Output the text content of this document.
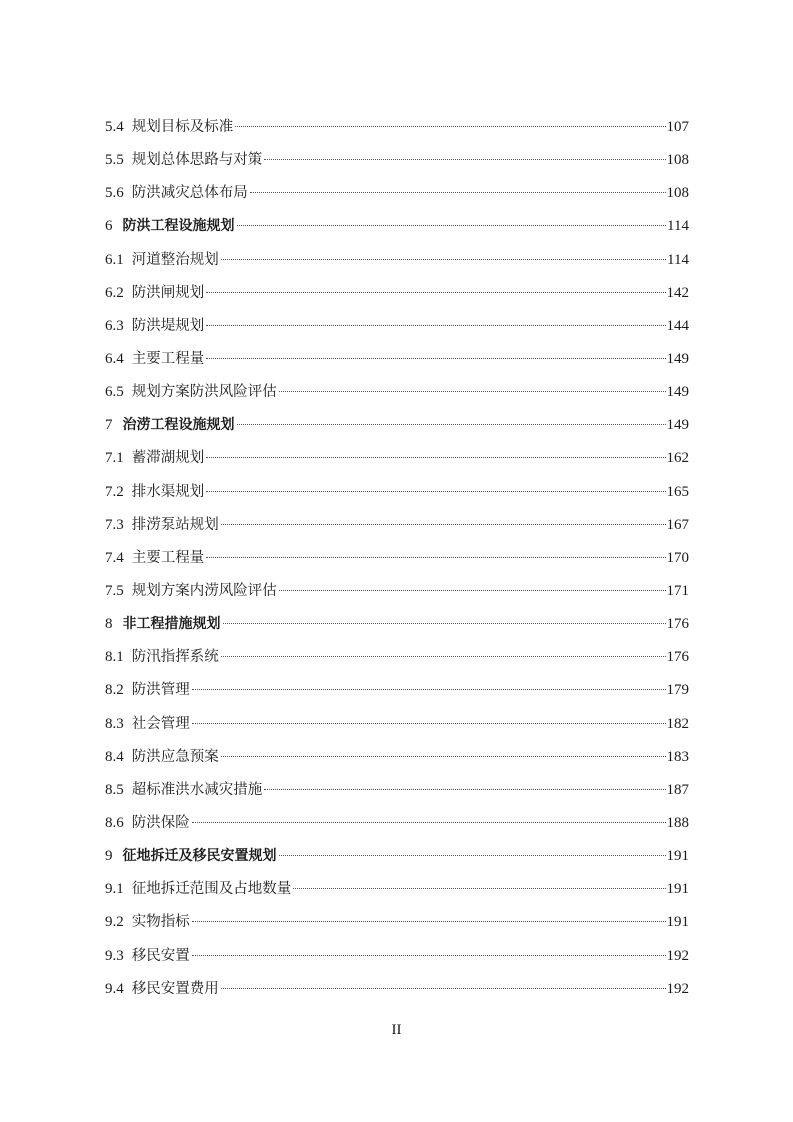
5.4 规划目标及标准	107
5.5 规划总体思路与对策	108
5.6 防洪减灾总体布局	108
6 防洪工程设施规划	114
6.1 河道整治规划	114
6.2 防洪闸规划	142
6.3 防洪堤规划	144
6.4 主要工程量	149
6.5 规划方案防洪风险评估	149
7 治涝工程设施规划	149
7.1 蓄滞湖规划	162
7.2 排水渠规划	165
7.3 排涝泵站规划	167
7.4 主要工程量	170
7.5 规划方案内涝风险评估	171
8 非工程措施规划	176
8.1 防汛指挥系统	176
8.2 防洪管理	179
8.3 社会管理	182
8.4 防洪应急预案	183
8.5 超标准洪水减灾措施	187
8.6 防洪保险	188
9 征地拆迁及移民安置规划	191
9.1 征地拆迁范围及占地数量	191
9.2 实物指标	191
9.3 移民安置	192
9.4 移民安置费用	192
II
